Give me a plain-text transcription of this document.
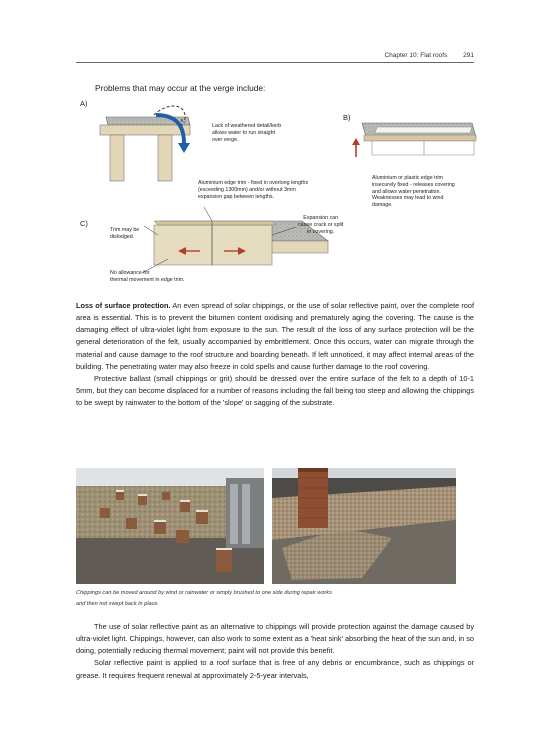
Chapter 10: Flat roofs 291
Problems that may occur at the verge include:
A)
B)
C)
Lack of weathered detail/kerb
allows water to run straight
over verge.
Aluminium or plastic edge trim
insecurely fixed - releases covering
and allows water penetration.
Weaknesses may lead to wind
damage.
Aluminium edge trim - fixed in overlong lengths
(exceeding 1300mm) and/or without 3mm
expansion gap between lengths.
Expansion can
cause crack or split
in covering.
Trim may be
dislodged.
No allowance for
thermal movement in edge trim.

Loss of surface protection. An even spread of solar chippings, or the use of solar reflective paint, over the complete roof area is essential. This is to prevent the bitumen content oxidising and prematurely aging the covering. The cause is the damaging effect of ultra-violet light from exposure to the sun. The result of the loss of any surface protection will be the general deterioration of the felt, usually accompanied by embrittlement. Once this occurs, water can migrate through the material and cause damage to the roof structure and boarding beneath. If left unnoticed, it may affect internal areas of the building. The penetrating water may also freeze in cold spells and cause further damage to the roof covering.

Protective ballast (small chippings or grit) should be dressed over the entire surface of the felt to a depth of 10-1 5mm, but they can become displaced for a number of reasons including the fall being too steep and allowing the chippings to be swept by rainwater to the bottom of the 'slope' or sagging of the substrate.

Chippings can be moved around by wind or rainwater or simply brushed to one side during repair works
and then not swept back in place.

The use of solar reflective paint as an alternative to chippings will provide protection against the damage caused by ultra-violet light. Chippings, however, can also work to some extent as a 'heat sink' absorbing the heat of the sun and, in so doing, potentially reducing thermal movement; paint will not provide this benefit.

Solar reflective paint is applied to a roof surface that is free of any debris or encumbrance, such as chippings or grease. It requires frequent renewal at approximately 2-5-year intervals,
